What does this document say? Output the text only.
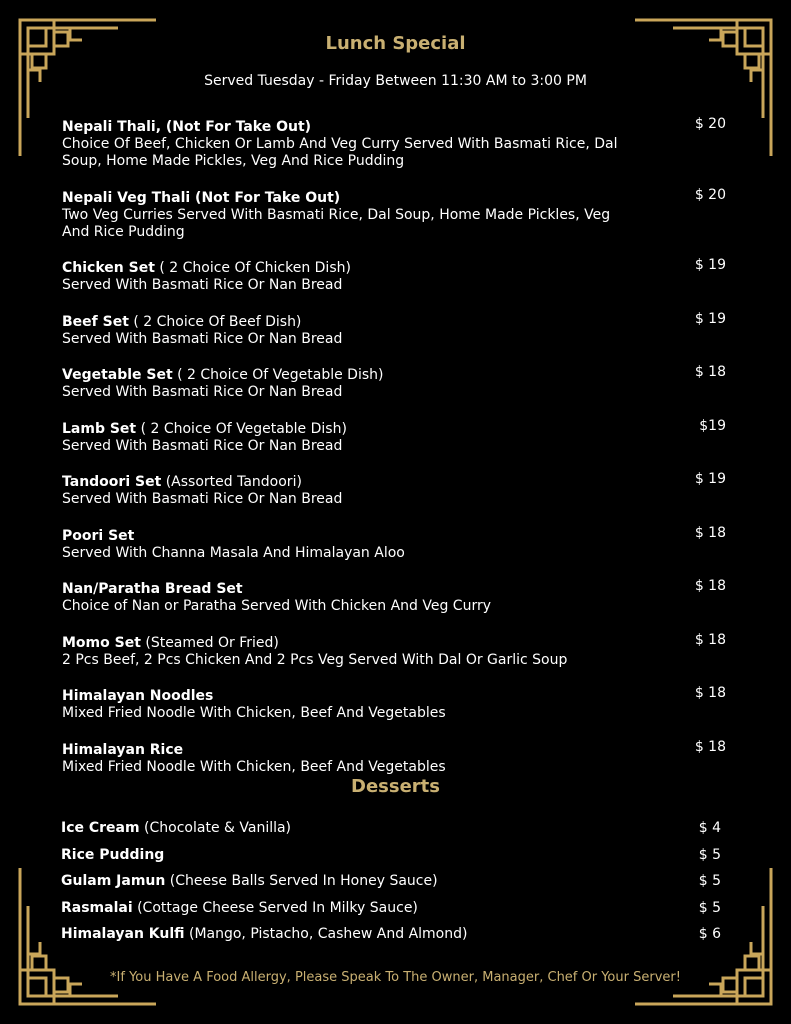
Lunch Special
Served Tuesday - Friday Between 11:30 AM to 3:00 PM
Nepali Thali, (Not For Take Out)
Choice Of Beef, Chicken Or Lamb And Veg Curry Served With Basmati Rice, Dal Soup, Home Made Pickles, Veg And Rice Pudding
$ 20
Nepali Veg Thali (Not For Take Out)
Two Veg Curries Served With Basmati Rice, Dal Soup, Home Made Pickles, Veg And Rice Pudding
$ 20
Chicken Set ( 2 Choice Of Chicken Dish)
Served With Basmati Rice Or Nan Bread
$ 19
Beef Set ( 2 Choice Of Beef Dish)
Served With Basmati Rice Or Nan Bread
$ 19
Vegetable Set ( 2 Choice Of Vegetable Dish)
Served With Basmati Rice Or Nan Bread
$ 18
Lamb Set ( 2 Choice Of Vegetable Dish)
Served With Basmati Rice Or Nan Bread
$19
Tandoori Set (Assorted Tandoori)
Served With Basmati Rice Or Nan Bread
$ 19
Poori Set
Served With Channa Masala And Himalayan Aloo
$ 18
Nan/Paratha Bread Set
Choice of Nan or Paratha Served With Chicken And Veg Curry
$ 18
Momo Set (Steamed Or Fried)
2 Pcs Beef, 2 Pcs Chicken And 2 Pcs Veg Served With Dal Or Garlic Soup
$ 18
Himalayan Noodles
Mixed Fried Noodle With Chicken, Beef And Vegetables
$ 18
Himalayan Rice
Mixed Fried Noodle With Chicken, Beef And Vegetables
$ 18
Desserts
Ice Cream (Chocolate & Vanilla)	$ 4
Rice Pudding	$ 5
Gulam Jamun (Cheese Balls Served In Honey Sauce)	$ 5
Rasmalai (Cottage Cheese Served In Milky Sauce)	$ 5
Himalayan Kulfi (Mango, Pistacho, Cashew And Almond)	$ 6
*If You Have A Food Allergy, Please Speak To The Owner, Manager, Chef Or Your Server!
